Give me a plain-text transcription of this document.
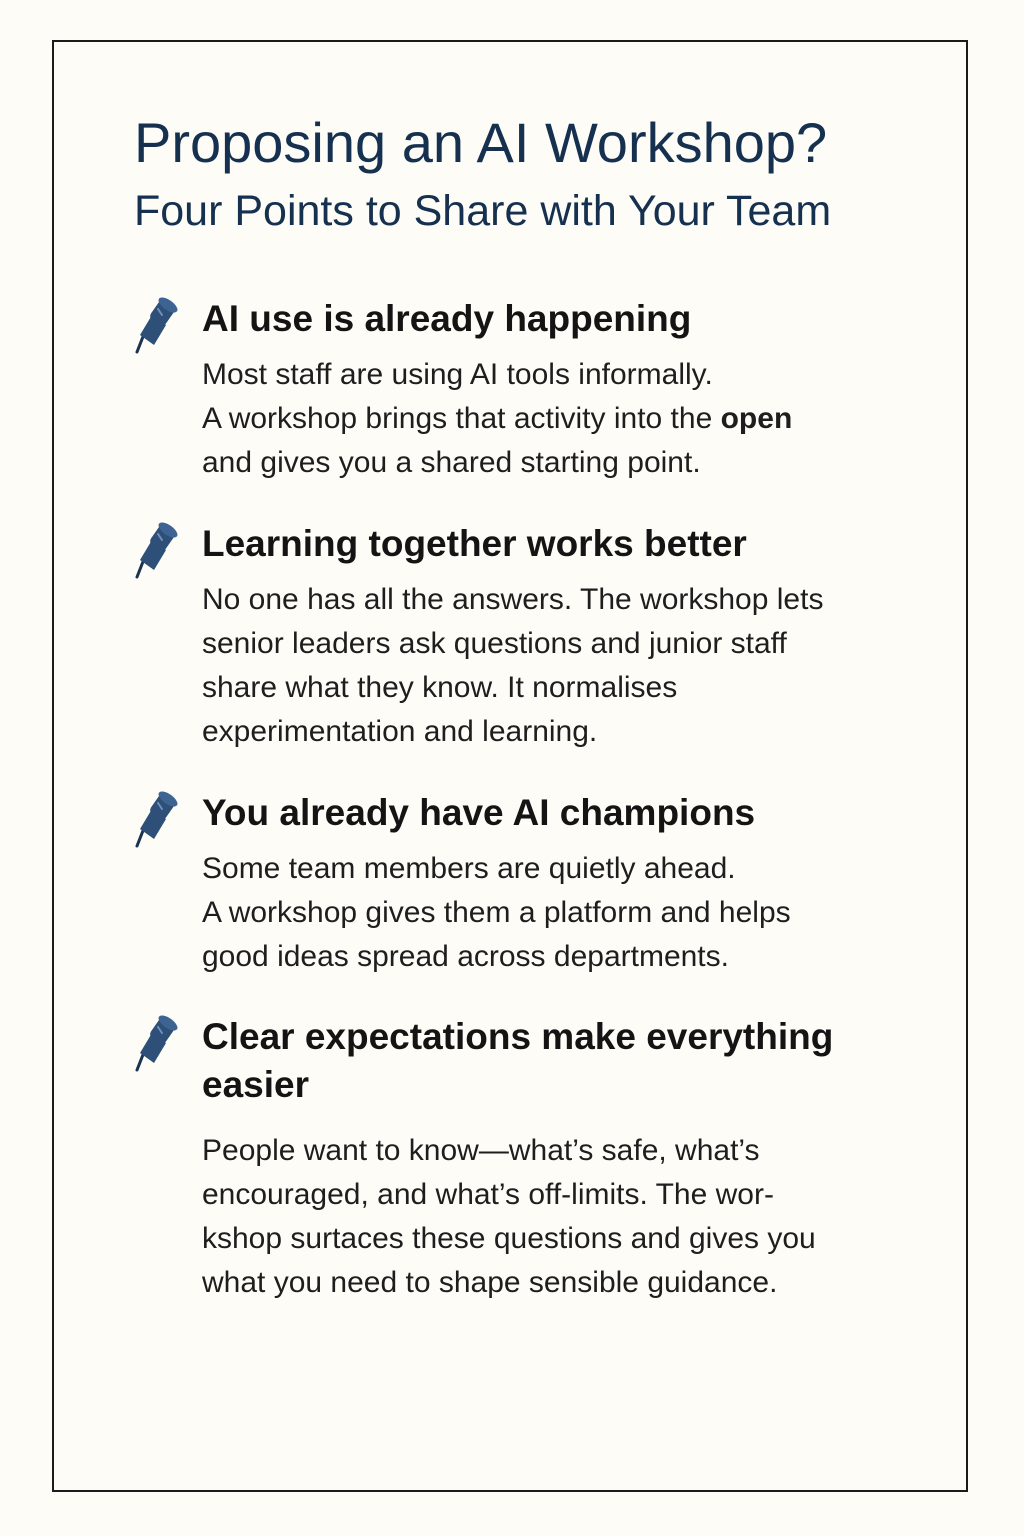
Proposing an AI Workshop?
Four Points to Share with Your Team
AI use is already happening

Most staff are using AI tools informally.
A workshop brings that activity into the open
and gives you a shared starting point.

Learning together works better

No one has all the answers. The workshop lets
senior leaders ask questions and junior staff
share what they know. It normalises
experimentation and learning.

You already have AI champions

Some team members are quietly ahead.
A workshop gives them a platform and helps
good ideas spread across departments.

Clear expectations make everything easier

People want to know—what’s safe, what’s
encouraged, and what’s off-limits. The wor-
kshop surtaces these questions and gives you
what you need to shape sensible guidance.
